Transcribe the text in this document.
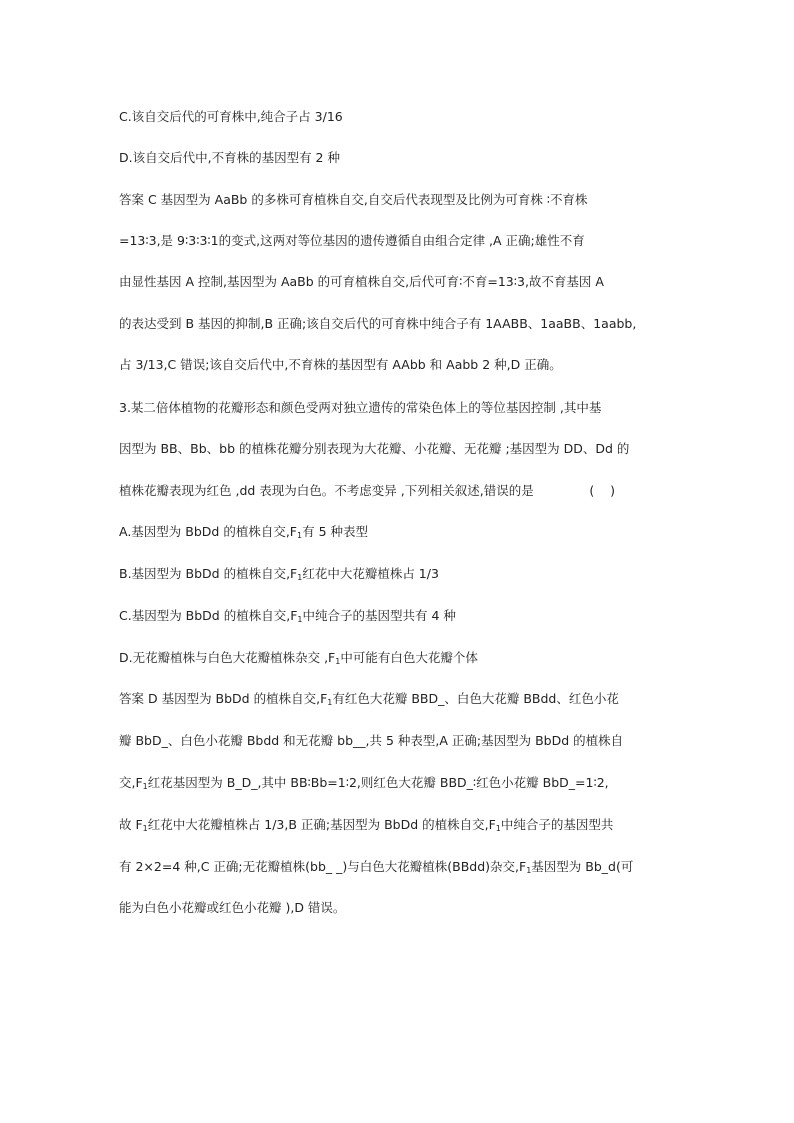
C.该自交后代的可育株中,纯合子占 3/16
D.该自交后代中,不育株的基因型有 2 种
答案 C 基因型为 AaBb 的多株可育植株自交,自交后代表现型及比例为可育株 ∶不育株
=13∶3,是 9∶3∶3∶1的变式,这两对等位基因的遗传遵循自由组合定律 ,A 正确;雄性不育
由显性基因 A 控制,基因型为 AaBb 的可育植株自交,后代可育∶不育=13∶3,故不育基因 A
的表达受到 B 基因的抑制,B 正确;该自交后代的可育株中纯合子有 1AABB、1aaBB、1aabb,
占 3/13,C 错误;该自交后代中,不育株的基因型有 AAbb 和 Aabb 2 种,D 正确。
3.某二倍体植物的花瓣形态和颜色受两对独立遗传的常染色体上的等位基因控制 ,其中基
因型为 BB、Bb、bb 的植株花瓣分别表现为大花瓣、小花瓣、无花瓣 ;基因型为 DD、Dd 的
植株花瓣表现为红色 ,dd 表现为白色。不考虑变异 ,下列相关叙述,错误的是              (    )
A.基因型为 BbDd 的植株自交$,F_1$有 5 种表型
B.基因型为 BbDd 的植株自交$,F_1$红花中大花瓣植株占 1/3
C.基因型为 BbDd 的植株自交$,F_1$中纯合子的基因型共有 4 种
D.无花瓣植株与白色大花瓣植株杂交 $,F_1$中可能有白色大花瓣个体
答案 D 基因型为 BbDd 的植株自交$,F_1$有红色大花瓣 BBD_、白色大花瓣 BBdd、红色小花
瓣 BbD_、白色小花瓣 Bbdd 和无花瓣 bb__,共 5 种表型,A 正确;基因型为 BbDd 的植株自
交$,F_1$红花基因型为 B_D_,其中 BB∶Bb=1∶2,则红色大花瓣 BBD_∶红色小花瓣 BbD_=1∶2,
故 $F_1$红花中大花瓣植株占 1/3,B 正确;基因型为 BbDd 的植株自交$,F_1$中纯合子的基因型共
有 2×2=4 种,C 正确;无花瓣植株(bb_ _)与白色大花瓣植株(BBdd)杂交$,F_1$基因型为 Bb_d(可
能为白色小花瓣或红色小花瓣 ),D 错误。
